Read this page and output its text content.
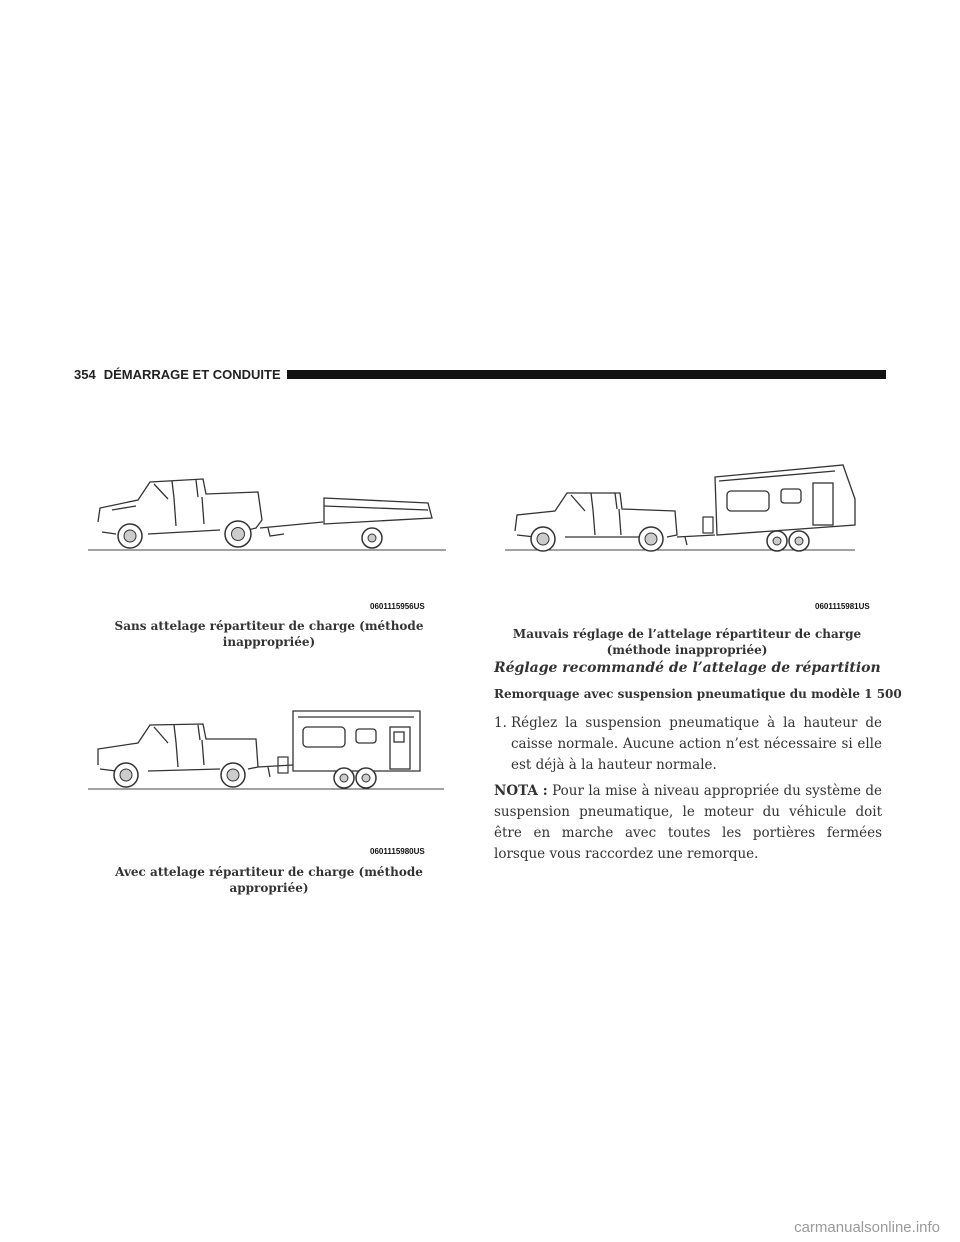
354 DÉMARRAGE ET CONDUITE
0601115956US
Sans attelage répartiteur de charge (méthode inappropriée)
0601115980US
Avec attelage répartiteur de charge (méthode appropriée)
0601115981US
Mauvais réglage de l’attelage répartiteur de charge
(méthode inappropriée)
Réglage recommandé de l’attelage de répartition
Remorquage avec suspension pneumatique du modèle 1 500
1. Réglez la suspension pneumatique à la hauteur de caisse normale. Aucune action n’est nécessaire si elle est déjà à la hauteur normale.
NOTA : Pour la mise à niveau appropriée du système de suspension pneumatique, le moteur du véhicule doit être en marche avec toutes les portières fermées lorsque vous raccordez une remorque.
carmanualsonline.info
